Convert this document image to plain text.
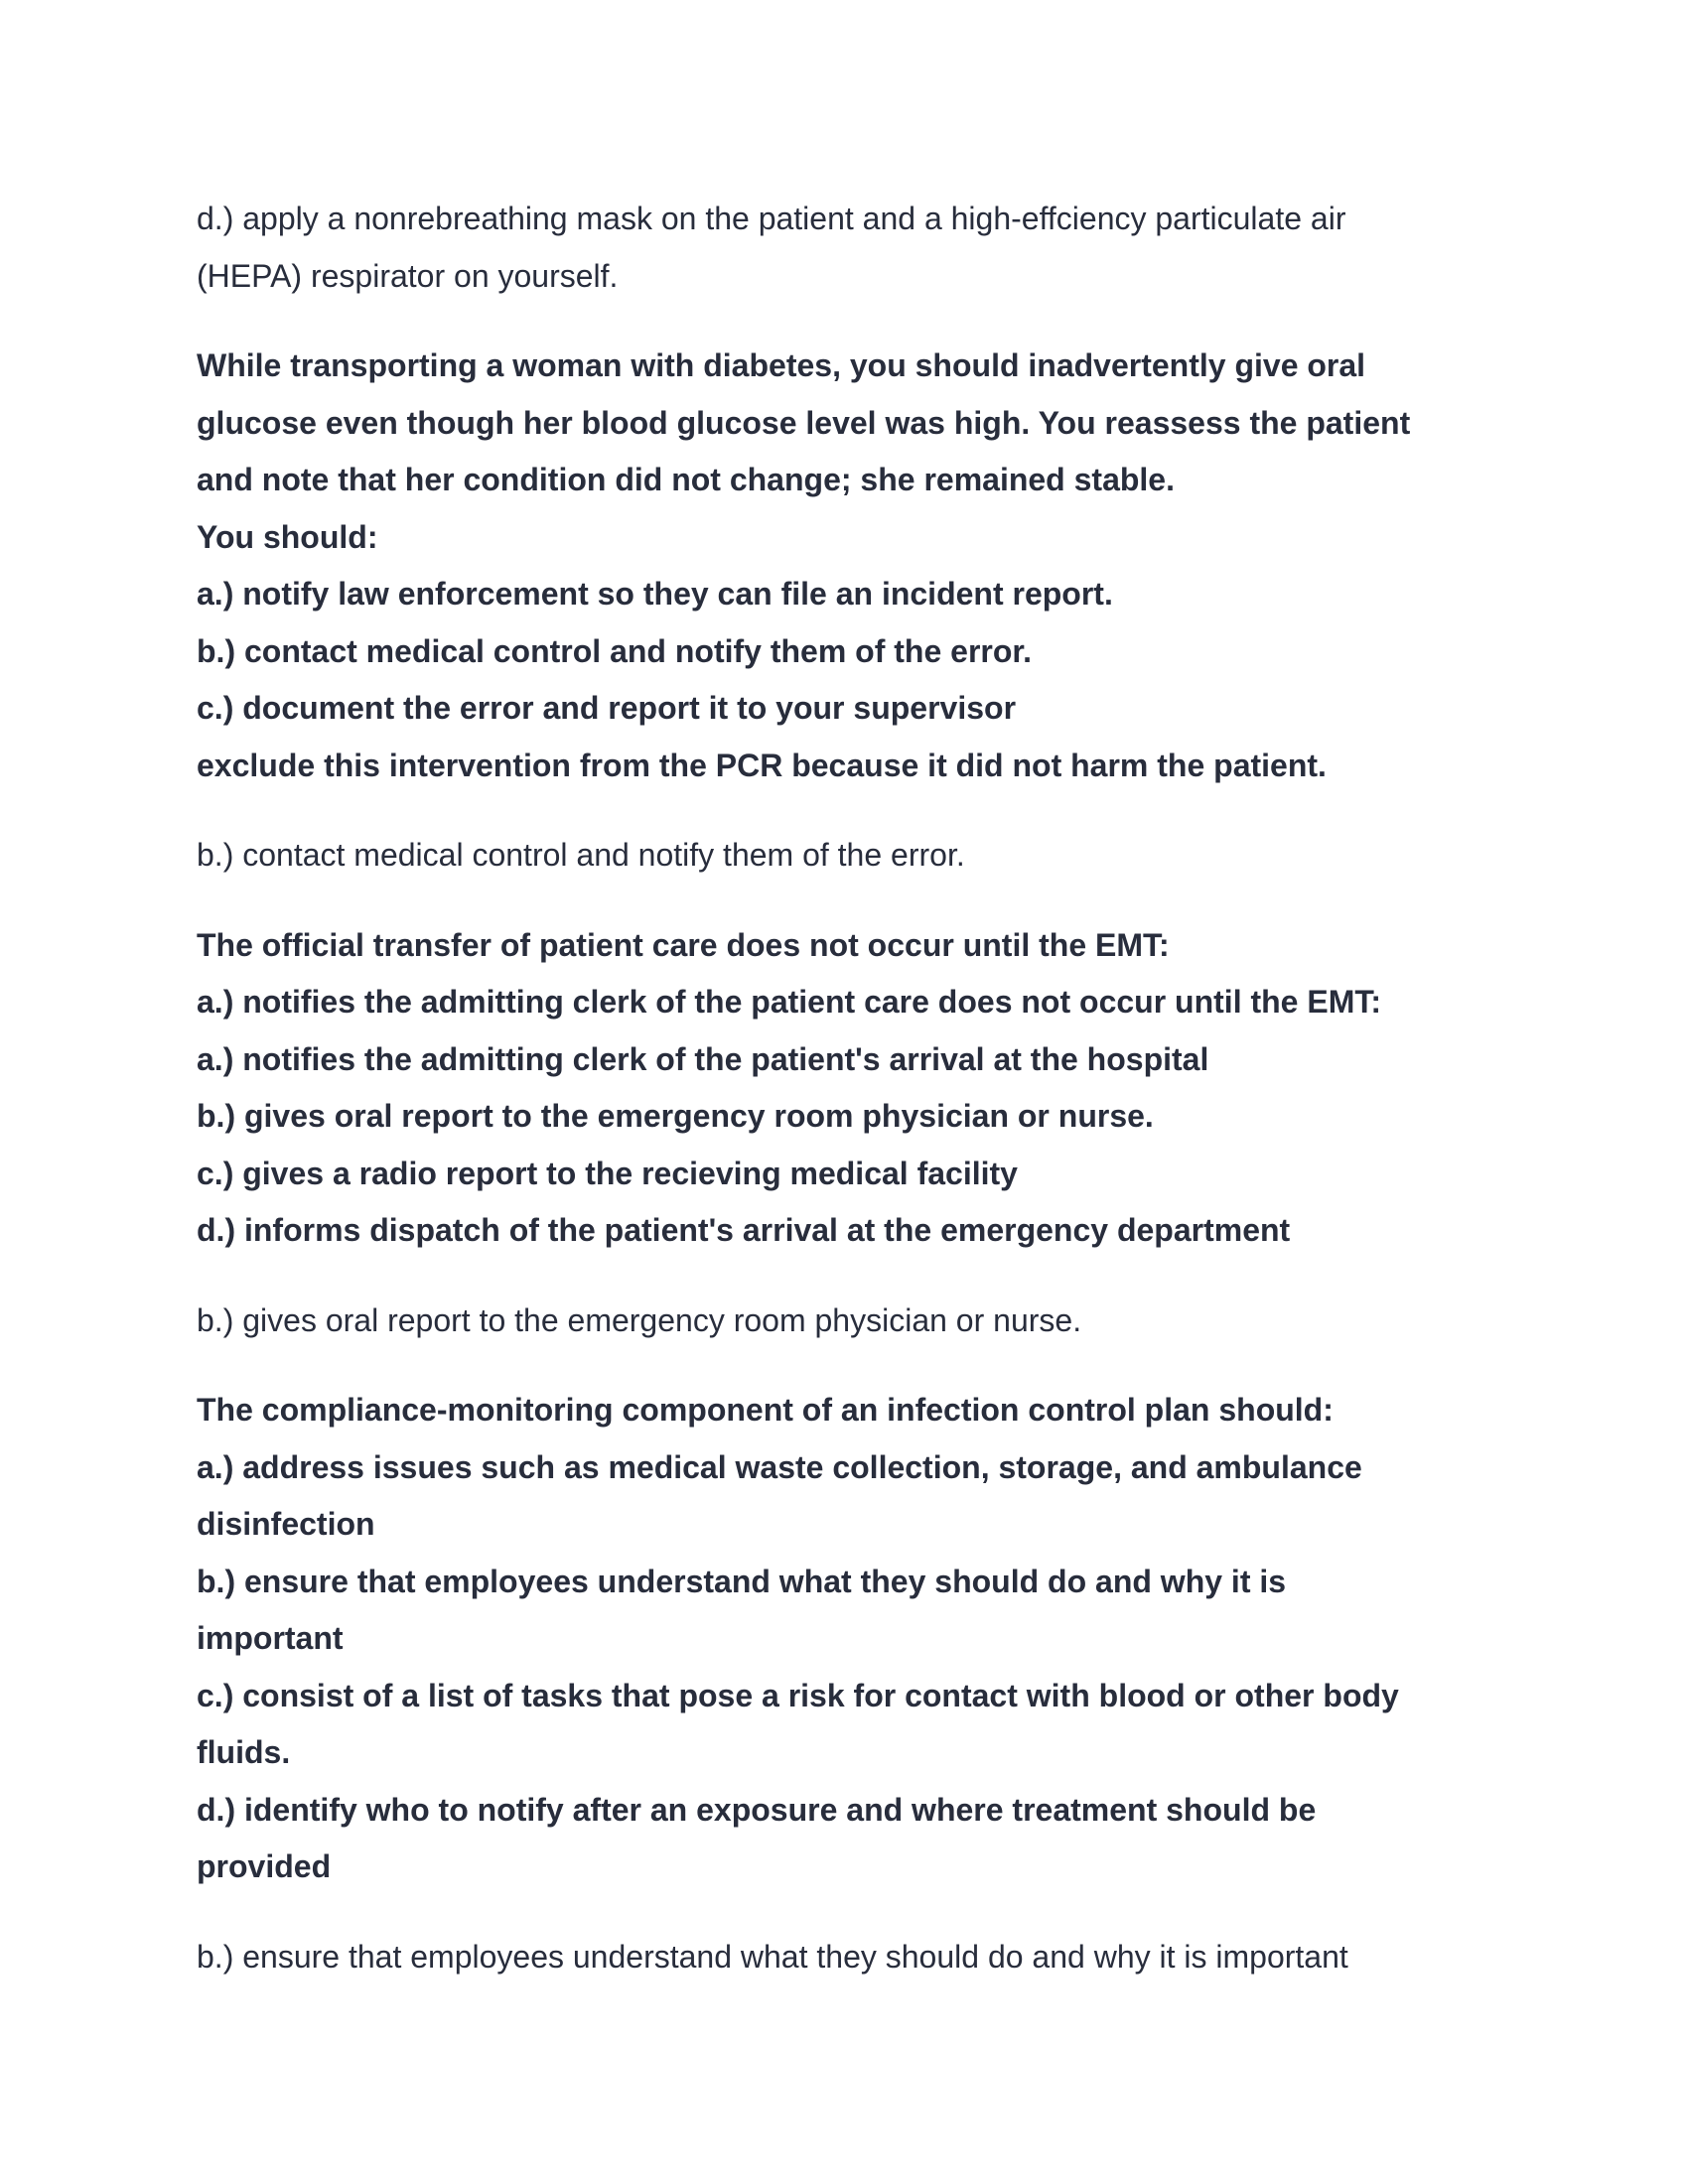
d.) apply a nonrebreathing mask on the patient and a high-effciency particulate air
(HEPA) respirator on yourself.
While transporting a woman with diabetes, you should inadvertently give oral
glucose even though her blood glucose level was high. You reassess the patient
and note that her condition did not change; she remained stable.
You should:
a.) notify law enforcement so they can file an incident report.
b.) contact medical control and notify them of the error.
c.) document the error and report it to your supervisor
exclude this intervention from the PCR because it did not harm the patient.
b.) contact medical control and notify them of the error.
The official transfer of patient care does not occur until the EMT:
a.) notifies the admitting clerk of the patient care does not occur until the EMT:
a.) notifies the admitting clerk of the patient's arrival at the hospital
b.) gives oral report to the emergency room physician or nurse.
c.) gives a radio report to the recieving medical facility
d.) informs dispatch of the patient's arrival at the emergency department
b.) gives oral report to the emergency room physician or nurse.
The compliance-monitoring component of an infection control plan should:
a.) address issues such as medical waste collection, storage, and ambulance
disinfection
b.) ensure that employees understand what they should do and why it is
important
c.) consist of a list of tasks that pose a risk for contact with blood or other body
fluids.
d.) identify who to notify after an exposure and where treatment should be
provided
b.) ensure that employees understand what they should do and why it is important
